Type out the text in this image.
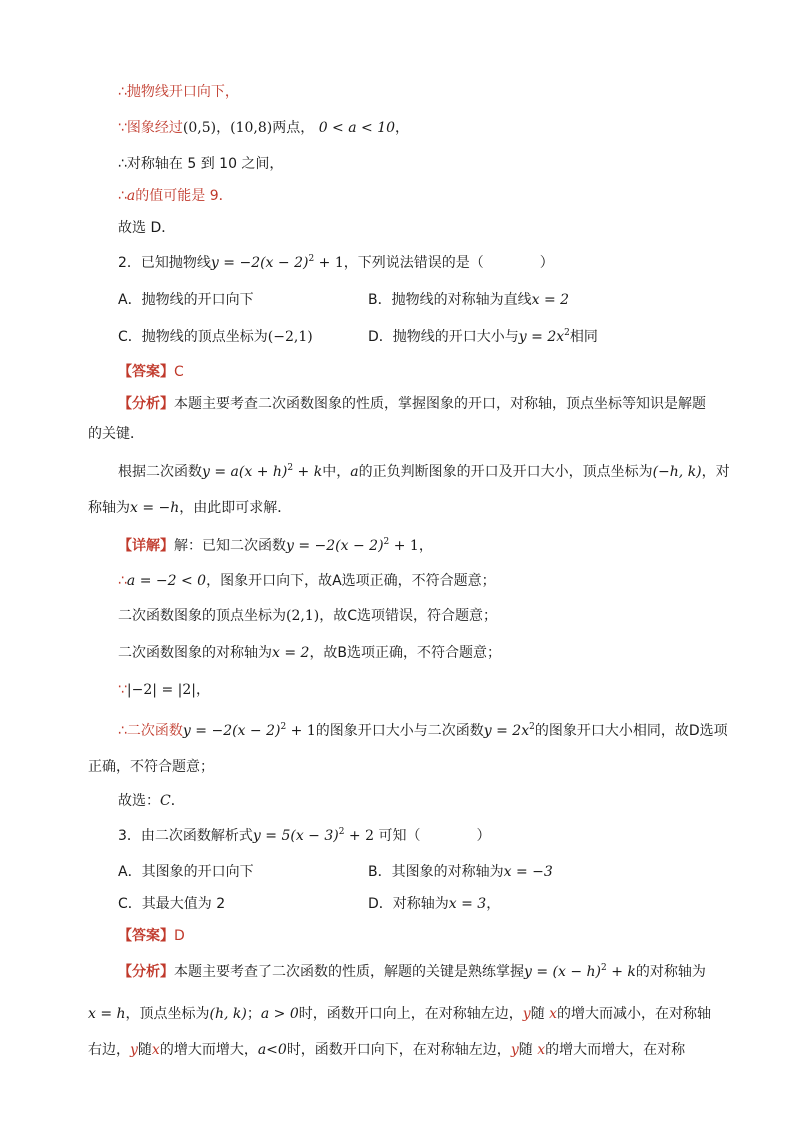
∴抛物线开口向下，
∵图象经过(0,5)，(10,8)两点， 0 < a < 10，
∴对称轴在 5 到 10 之间，
∴a的值可能是 9．
故选 D．
2．已知抛物线$y = -2(x - 2)^2 + 1$，下列说法错误的是（　　　　）
A．抛物线的开口向下	B．抛物线的对称轴为直线x = 2
C．抛物线的顶点坐标为(−2,1)	D．抛物线的开口大小与$y = 2x^2$相同
【答案】C
【分析】本题主要考查二次函数图象的性质，掌握图象的开口，对称轴，顶点坐标等知识是解题
的关键．
根据二次函数$y = a(x + h)^2 + k$中，a的正负判断图象的开口及开口大小，顶点坐标为(−h, k)，对
称轴为x = −h，由此即可求解．
【详解】解：已知二次函数$y = -2(x - 2)^2 + 1$，
∴a = −2 < 0，图象开口向下，故A选项正确，不符合题意；
二次函数图象的顶点坐标为(2,1)，故C选项错误，符合题意；
二次函数图象的对称轴为x = 2，故B选项正确，不符合题意；
∵|−2| = |2|，
∴二次函数$y = -2(x - 2)^2 + 1$的图象开口大小与二次函数$y = 2x^2$的图象开口大小相同，故D选项
正确，不符合题意；
故选：C．
3．由二次函数解析式$y = 5(x - 3)^2 + 2$ 可知（　　　　）
A．其图象的开口向下	B．其图象的对称轴为x = −3
C．其最大值为 2	D．对称轴为x = 3，
【答案】D
【分析】本题主要考查了二次函数的性质，解题的关键是熟练掌握$y = (x - h)^2 + k$的对称轴为
x = h，顶点坐标为(h, k)；a > 0时，函数开口向上，在对称轴左边，y随 x的增大而减小，在对称轴
右边，y随x的增大而增大，a<0时，函数开口向下，在对称轴左边，y随 x的增大而增大，在对称
